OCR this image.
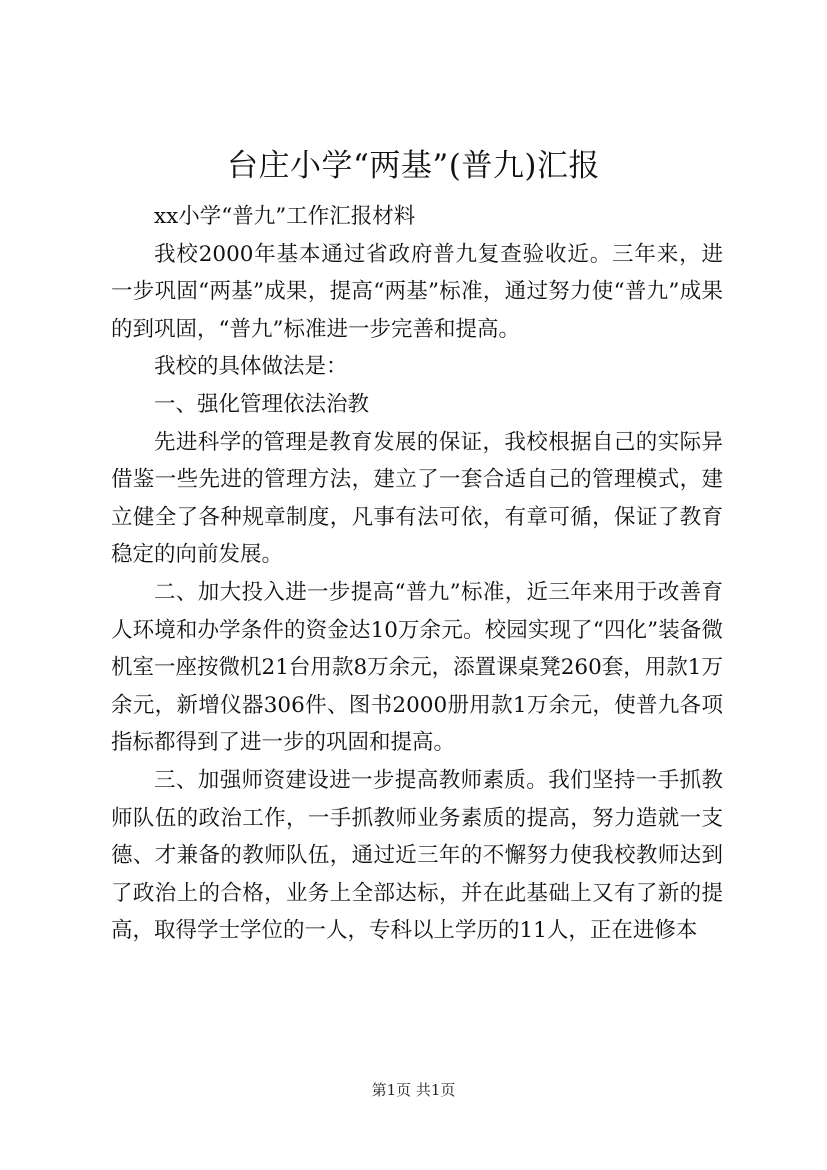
台庄小学“两基”(普九)汇报

xx小学“普九”工作汇报材料

我校2000年基本通过省政府普九复查验收近。三年来，进一步巩固“两基”成果，提高“两基”标准，通过努力使“普九”成果的到巩固，“普九”标准进一步完善和提高。

我校的具体做法是：

一、强化管理依法治教

先进科学的管理是教育发展的保证，我校根据自己的实际异借鉴一些先进的管理方法，建立了一套合适自己的管理模式，建立健全了各种规章制度，凡事有法可依，有章可循，保证了教育稳定的向前发展。

二、加大投入进一步提高“普九”标准，近三年来用于改善育人环境和办学条件的资金达10万余元。校园实现了“四化”装备微机室一座按微机21台用款8万余元，添置课桌凳260套，用款1万余元，新增仪器306件、图书2000册用款1万余元，使普九各项指标都得到了进一步的巩固和提高。

三、加强师资建设进一步提高教师素质。我们坚持一手抓教师队伍的政治工作，一手抓教师业务素质的提高，努力造就一支德、才兼备的教师队伍，通过近三年的不懈努力使我校教师达到了政治上的合格，业务上全部达标，并在此基础上又有了新的提高，取得学士学位的一人，专科以上学历的11人，正在进修本

第1页 共1页
